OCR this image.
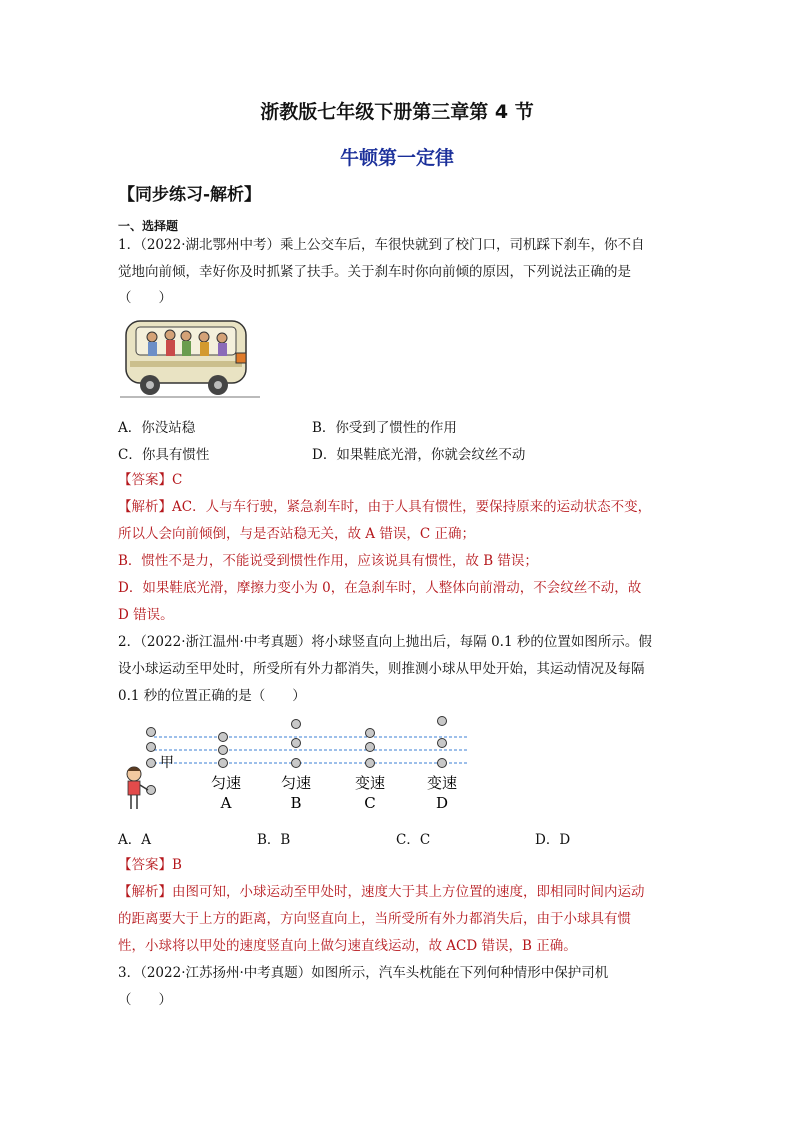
浙教版七年级下册第三章第 4 节
牛顿第一定律
【同步练习-解析】
一、选择题
1．（2022·湖北鄂州中考）乘上公交车后，车很快就到了校门口，司机踩下刹车，你不自
觉地向前倾，幸好你及时抓紧了扶手。关于刹车时你向前倾的原因，下列说法正确的是
（　　）
A．你没站稳	B．你受到了惯性的作用
C．你具有惯性	D．如果鞋底光滑，你就会纹丝不动
【答案】C
【解析】AC．人与车行驶，紧急刹车时，由于人具有惯性，要保持原来的运动状态不变，
所以人会向前倾倒，与是否站稳无关，故 A 错误，C 正确；
B．惯性不是力，不能说受到惯性作用，应该说具有惯性，故 B 错误；
D．如果鞋底光滑，摩擦力变小为 0，在急刹车时，人整体向前滑动，不会纹丝不动，故
D 错误。
2．（2022·浙江温州·中考真题）将小球竖直向上抛出后，每隔 0.1 秒的位置如图所示。假
设小球运动至甲处时，所受所有外力都消失，则推测小球从甲处开始，其运动情况及每隔
0.1 秒的位置正确的是（　　）
甲
匀速
A
匀速
B
变速
C
变速
D
A．A	B．B	C．C	D．D
【答案】B
【解析】由图可知，小球运动至甲处时，速度大于其上方位置的速度，即相同时间内运动
的距离要大于上方的距离，方向竖直向上，当所受所有外力都消失后，由于小球具有惯
性，小球将以甲处的速度竖直向上做匀速直线运动，故 ACD 错误，B 正确。
3．（2022·江苏扬州·中考真题）如图所示，汽车头枕能在下列何种情形中保护司机
（　　）
